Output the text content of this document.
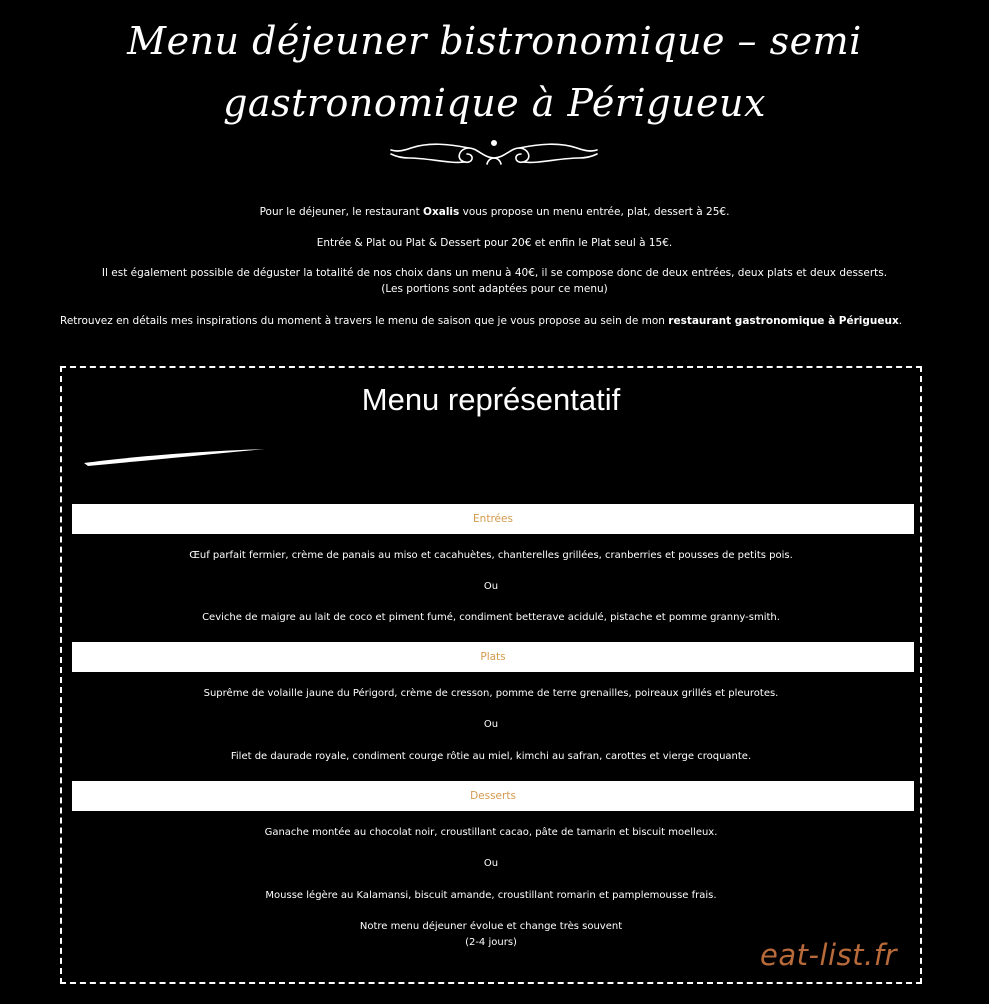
Menu déjeuner bistronomique – semi
gastronomique à Périgueux

Pour le déjeuner, le restaurant Oxalis vous propose un menu entrée, plat, dessert à 25€.

Entrée & Plat ou Plat & Dessert pour 20€ et enfin le Plat seul à 15€.

Il est également possible de déguster la totalité de nos choix dans un menu à 40€, il se compose donc de deux entrées, deux plats et deux desserts.
(Les portions sont adaptées pour ce menu)

Retrouvez en détails mes inspirations du moment à travers le menu de saison que je vous propose au sein de mon restaurant gastronomique à Périgueux.

Menu représentatif
Entrées
Œuf parfait fermier, crème de panais au miso et cacahuètes, chanterelles grillées, cranberries et pousses de petits pois.
Ou
Ceviche de maigre au lait de coco et piment fumé, condiment betterave acidulé, pistache et pomme granny-smith.
Plats
Suprême de volaille jaune du Périgord, crème de cresson, pomme de terre grenailles, poireaux grillés et pleurotes.
Ou
Filet de daurade royale, condiment courge rôtie au miel, kimchi au safran, carottes et vierge croquante.
Desserts
Ganache montée au chocolat noir, croustillant cacao, pâte de tamarin et biscuit moelleux.
Ou
Mousse légère au Kalamansi, biscuit amande, croustillant romarin et pamplemousse frais.
Notre menu déjeuner évolue et change très souvent
(2-4 jours)	eat-list.fr
